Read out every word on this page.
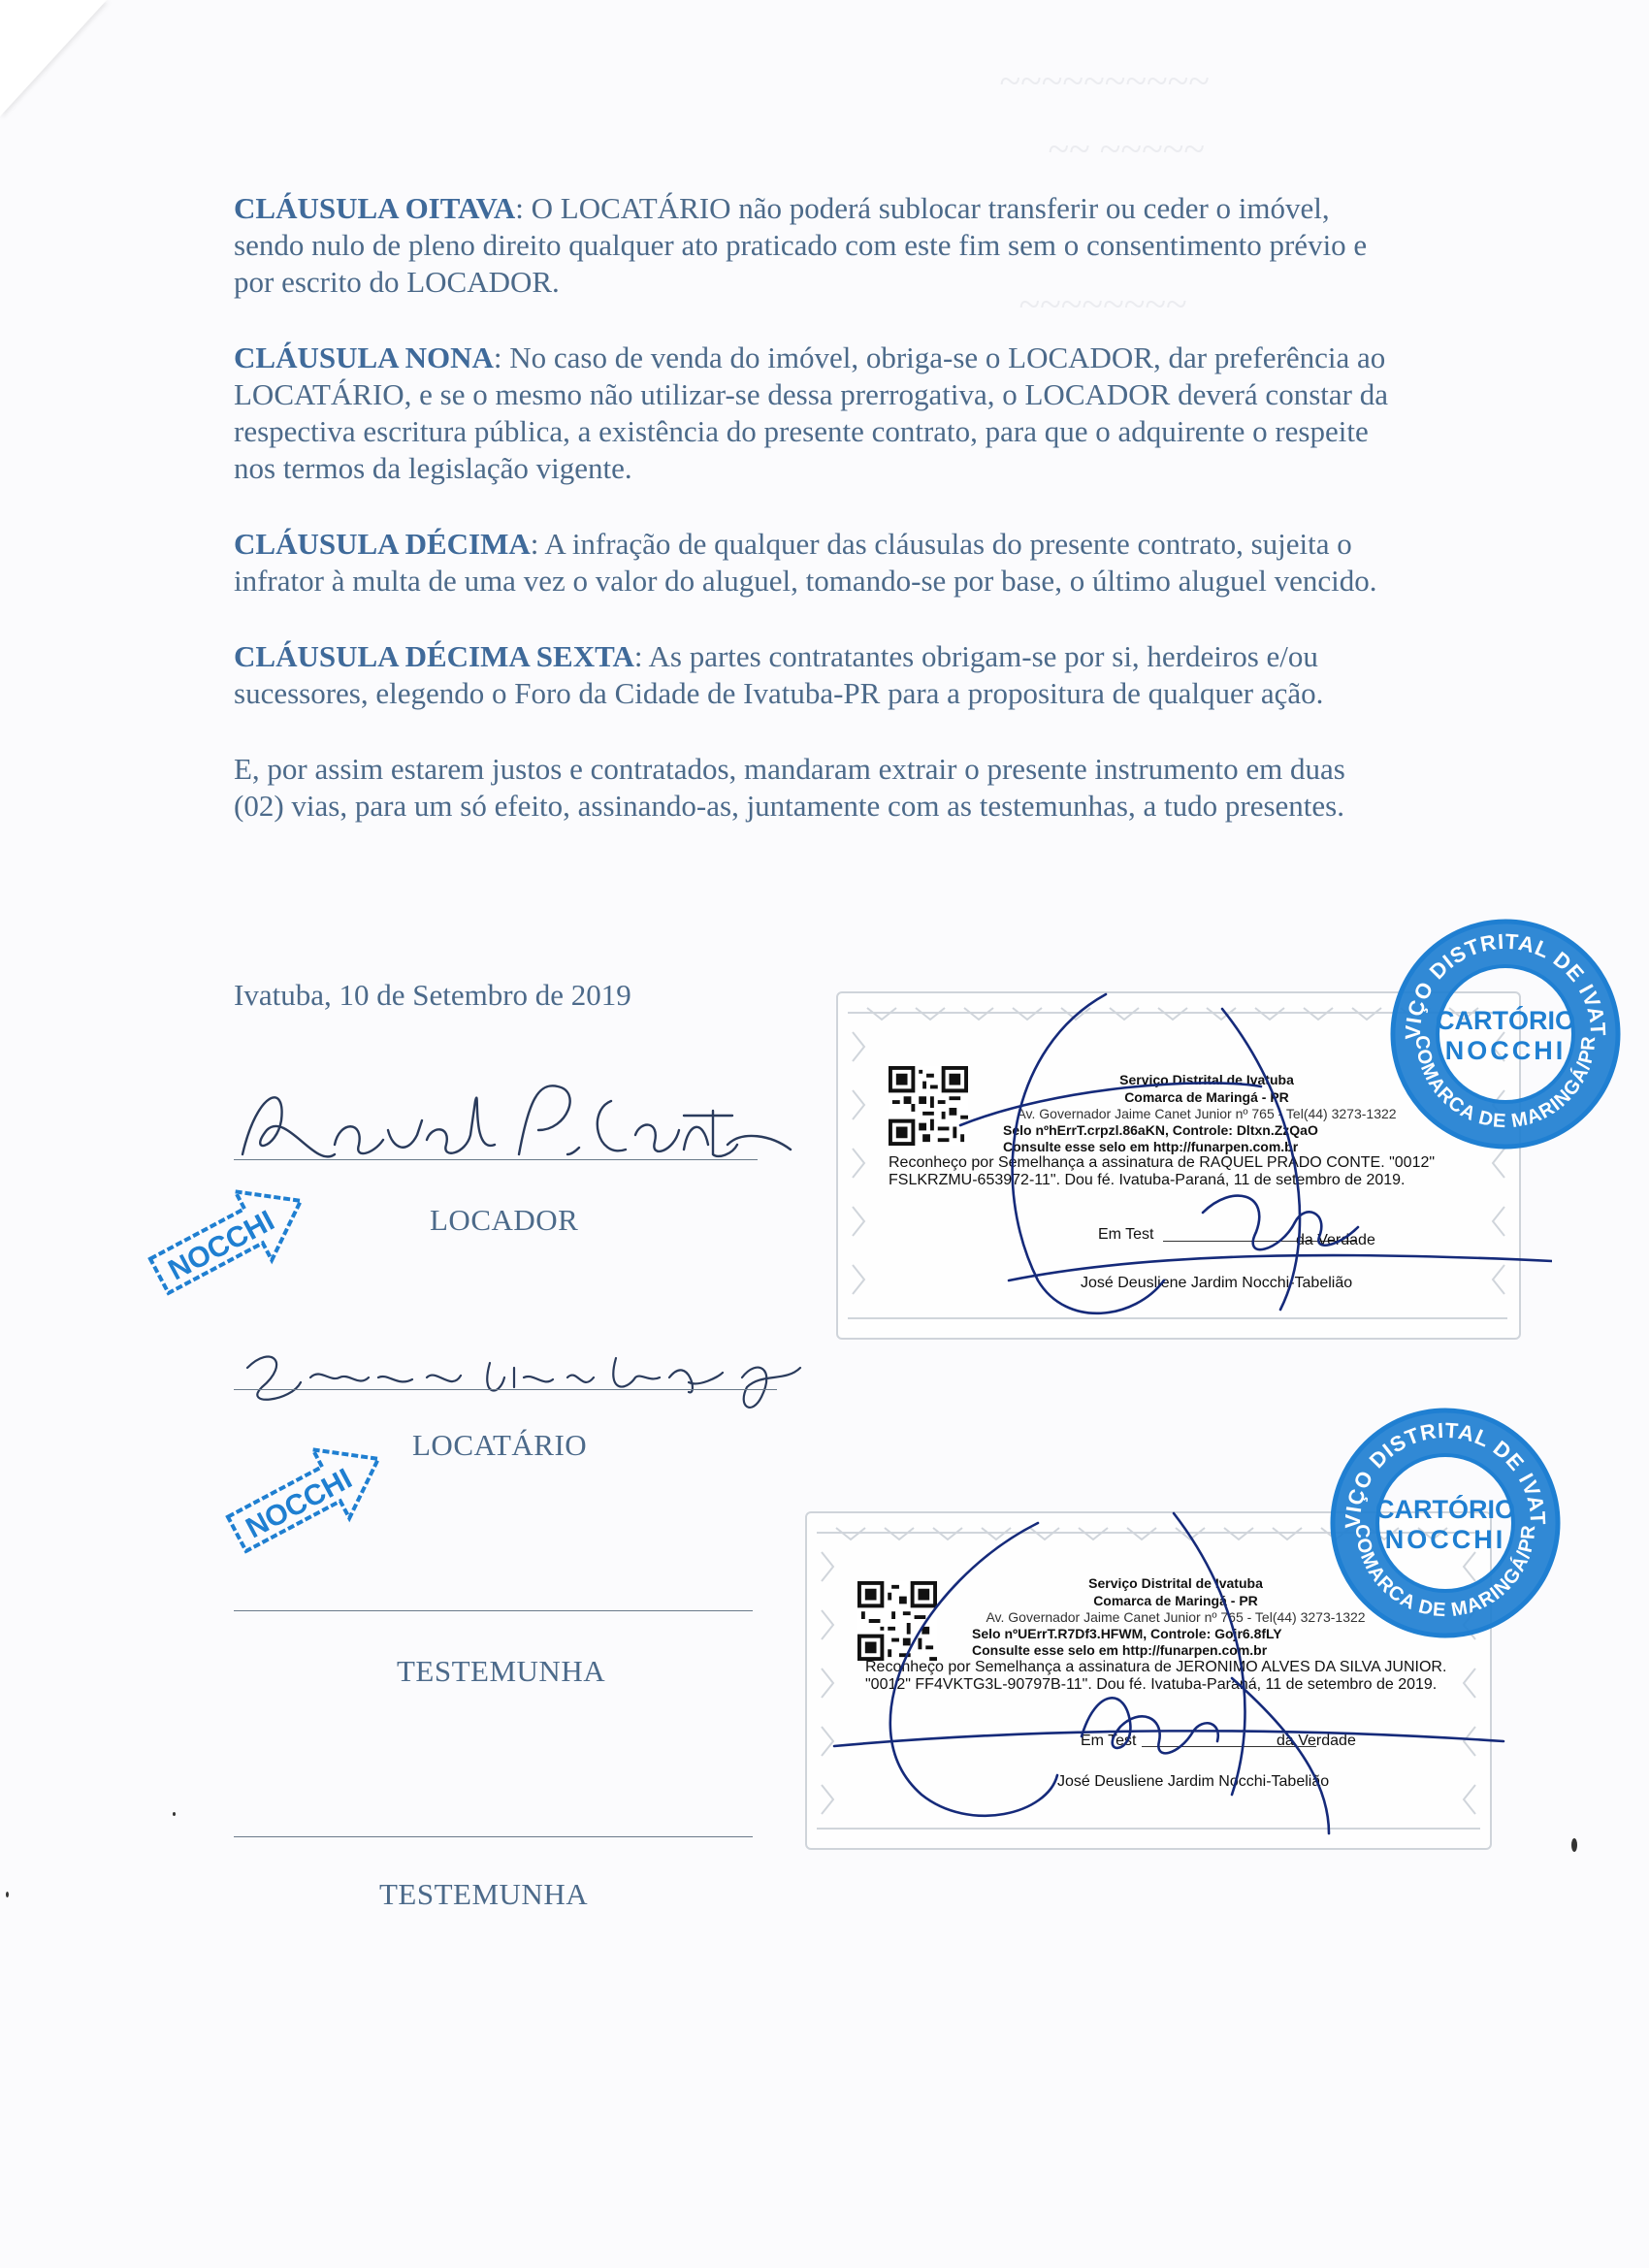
~~~~~~~~~~
~~ ~~~~~
~~~~~~~~

CLÁUSULA OITAVA: O LOCATÁRIO não poderá sublocar transferir ou ceder o imóvel, sendo nulo de pleno direito qualquer ato praticado com este fim sem o consentimento prévio e por escrito do LOCADOR.

CLÁUSULA NONA: No caso de venda do imóvel, obriga-se o LOCADOR, dar preferência ao LOCATÁRIO, e se o mesmo não utilizar-se dessa prerrogativa, o LOCADOR deverá constar da respectiva escritura pública, a existência do presente contrato, para que o adquirente o respeite nos termos da legislação vigente.

CLÁUSULA DÉCIMA: A infração de qualquer das cláusulas do presente contrato, sujeita o infrator à multa de uma vez o valor do aluguel, tomando-se por base, o último aluguel vencido.

CLÁUSULA DÉCIMA SEXTA: As partes contratantes obrigam-se por si, herdeiros e/ou sucessores, elegendo o Foro da Cidade de Ivatuba-PR para a propositura de qualquer ação.

E, por assim estarem justos e contratados, mandaram extrair o presente instrumento em duas (02) vias, para um só efeito, assinando-as, juntamente com as testemunhas, a tudo presentes.

Ivatuba, 10 de Setembro de 2019
LOCADOR
NOCCHI
LOCATÁRIO
NOCCHI
TESTEMUNHA
TESTEMUNHA
Serviço Distrital de Ivatuba
Comarca de Maringá - PR
Av. Governador Jaime Canet Junior nº 765 - Tel(44) 3273-1322
Selo nºhErrT.crpzl.86aKN, Controle: Dltxn.ZzQaO
Consulte esse selo em http://funarpen.com.br
Reconheço por Semelhança a assinatura de RAQUEL PRADO CONTE. "0012" FSLKRZMU-653972-11". Dou fé. Ivatuba-Paraná, 11 de setembro de 2019.
Em Test	da Verdade
José Deusliene Jardim Nocchi-Tabelião
Serviço Distrital de Ivatuba
Comarca de Maringá - PR
Av. Governador Jaime Canet Junior nº 765 - Tel(44) 3273-1322
Selo nºUErrT.R7Df3.HFWM, Controle: Gojr6.8fLY
Consulte esse selo em http://funarpen.com.br
Reconheço por Semelhança a assinatura de JERONIMO ALVES DA SILVA JUNIOR. "0012" FF4VKTG3L-90797B-11". Dou fé. Ivatuba-Paraná, 11 de setembro de 2019.
Em Test	da Verdade
José Deusliene Jardim Nocchi-Tabelião
VIÇO DISTRITAL DE IVAT
COMARCA DE MARINGÁ/PR
CARTÓRIO
NOCCHI
VIÇO DISTRITAL DE IVAT
COMARCA DE MARINGÁ/PR
CARTÓRIO
NOCCHI
